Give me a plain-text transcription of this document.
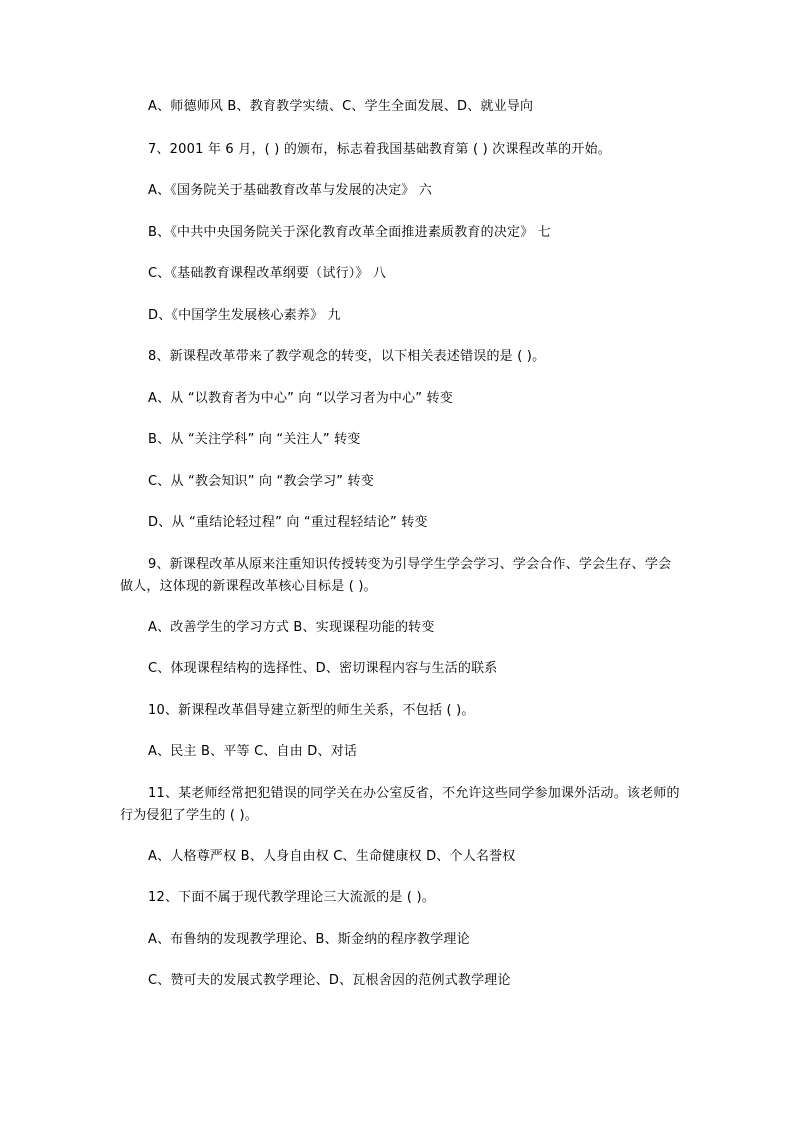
A、师德师风 B、教育教学实绩、C、学生全面发展、D、就业导向
7、2001 年 6 月，( ) 的颁布，标志着我国基础教育第 ( ) 次课程改革的开始。
A、《国务院关于基础教育改革与发展的决定》 六
B、《中共中央国务院关于深化教育改革全面推进素质教育的决定》 七
C、《基础教育课程改革纲要（试行）》 八
D、《中国学生发展核心素养》 九
8、新课程改革带来了教学观念的转变，以下相关表述错误的是 ( )。
A、从 “以教育者为中心” 向 “以学习者为中心” 转变
B、从 “关注学科” 向 “关注人” 转变
C、从 “教会知识” 向 “教会学习” 转变
D、从 “重结论轻过程” 向 “重过程轻结论” 转变
9、新课程改革从原来注重知识传授转变为引导学生学会学习、学会合作、学会生存、学会做人，这体现的新课程改革核心目标是 ( )。
A、改善学生的学习方式 B、实现课程功能的转变
C、体现课程结构的选择性、D、密切课程内容与生活的联系
10、新课程改革倡导建立新型的师生关系，不包括 ( )。
A、民主 B、平等 C、自由 D、对话
11、某老师经常把犯错误的同学关在办公室反省，不允许这些同学参加课外活动。该老师的行为侵犯了学生的 ( )。
A、人格尊严权 B、人身自由权 C、生命健康权 D、个人名誉权
12、下面不属于现代教学理论三大流派的是 ( )。
A、布鲁纳的发现教学理论、B、斯金纳的程序教学理论
C、赞可夫的发展式教学理论、D、瓦根舍因的范例式教学理论
